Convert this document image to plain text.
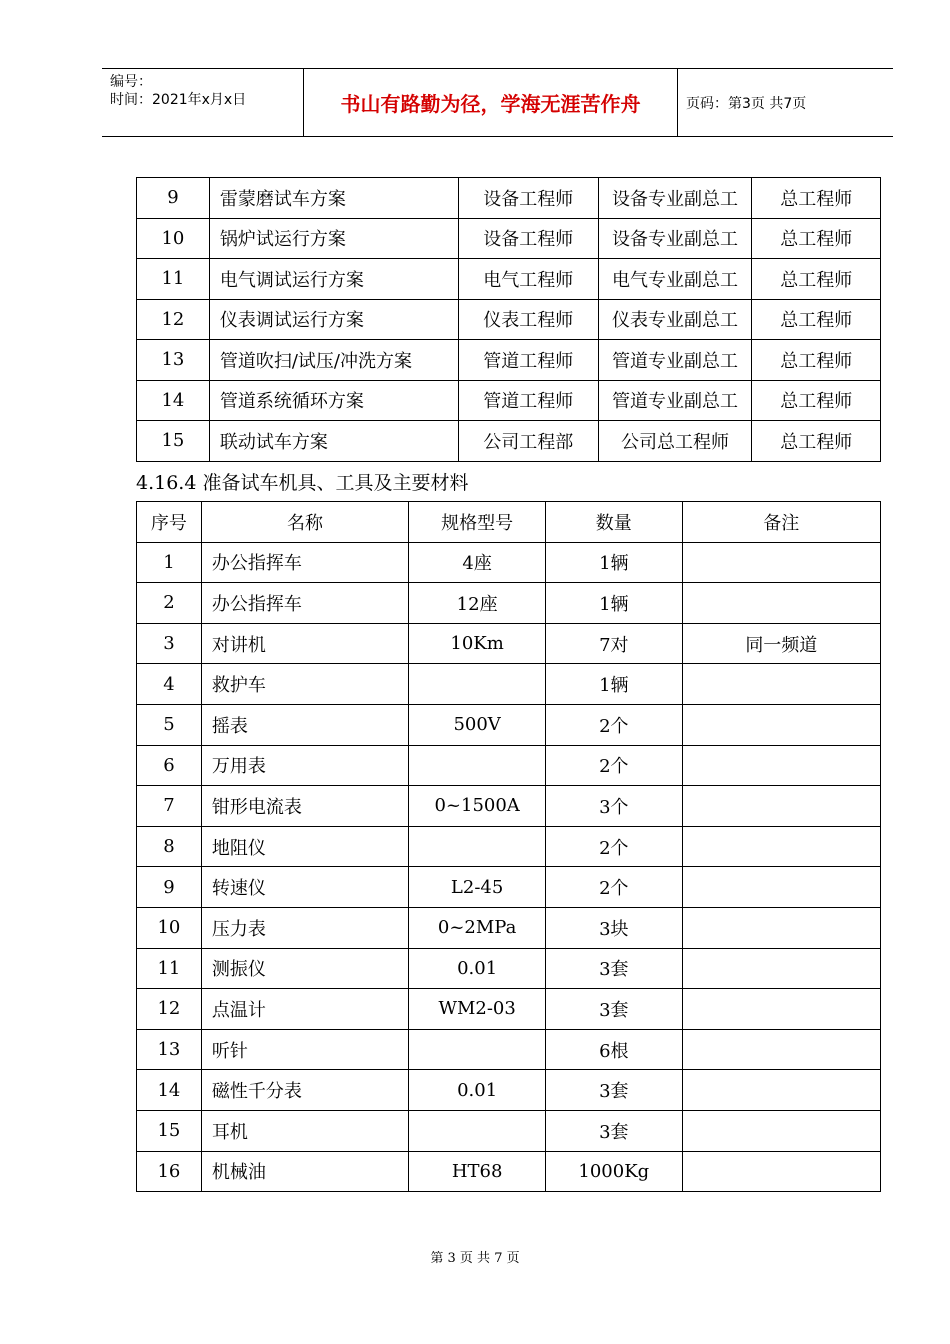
编号：
时间：2021年x月x日	书山有路勤为径，学海无涯苦作舟	页码：第3页 共7页
9	雷蒙磨试车方案	设备工程师	设备专业副总工	总工程师
10	锅炉试运行方案	设备工程师	设备专业副总工	总工程师
11	电气调试运行方案	电气工程师	电气专业副总工	总工程师
12	仪表调试运行方案	仪表工程师	仪表专业副总工	总工程师
13	管道吹扫/试压/冲洗方案	管道工程师	管道专业副总工	总工程师
14	管道系统循环方案	管道工程师	管道专业副总工	总工程师
15	联动试车方案	公司工程部	公司总工程师	总工程师
4.16.4 准备试车机具、工具及主要材料
序号	名称	规格型号	数量	备注
1	办公指挥车	4座	1辆	
2	办公指挥车	12座	1辆	
3	对讲机	10Km	7对	同一频道
4	救护车		1辆	
5	摇表	500V	2个	
6	万用表		2个	
7	钳形电流表	0~1500A	3个	
8	地阻仪		2个	
9	转速仪	L2-45	2个	
10	压力表	0~2MPa	3块	
11	测振仪	0.01	3套	
12	点温计	WM2-03	3套	
13	听针		6根	
14	磁性千分表	0.01	3套	
15	耳机		3套	
16	机械油	HT68	1000Kg	
第 3 页 共 7 页
